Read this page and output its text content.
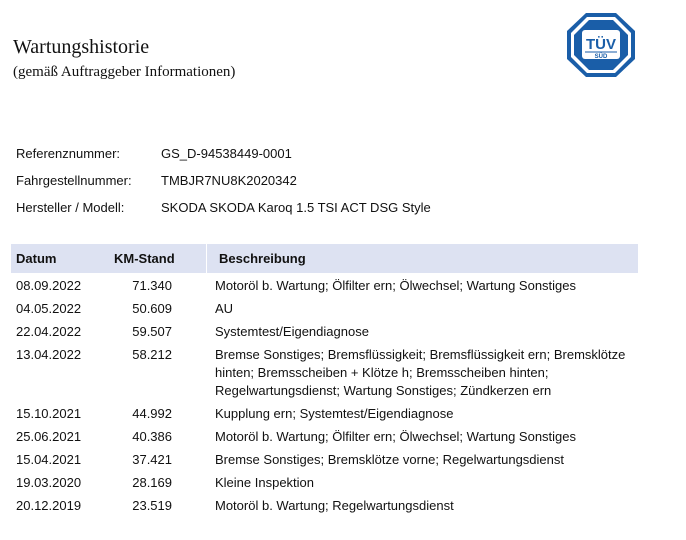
Wartungshistorie
(gemäß Auftraggeber Informationen)
TÜV
SÜD
Referenznummer:	GS_D-94538449-0001
Fahrgestellnummer:	TMBJR7NU8K2020342
Hersteller / Modell:	SKODA SKODA Karoq 1.5 TSI ACT DSG Style
Datum	KM-Stand	Beschreibung
08.09.2022	71.340	Motoröl b. Wartung; Ölfilter ern; Ölwechsel; Wartung Sonstiges
04.05.2022	50.609	AU
22.04.2022	59.507	Systemtest/Eigendiagnose
13.04.2022	58.212	Bremse Sonstiges; Bremsflüssigkeit; Bremsflüssigkeit ern; Bremsklötze hinten; Bremsscheiben + Klötze h; Bremsscheiben hinten; Regelwartungsdienst; Wartung Sonstiges; Zündkerzen ern
15.10.2021	44.992	Kupplung ern; Systemtest/Eigendiagnose
25.06.2021	40.386	Motoröl b. Wartung; Ölfilter ern; Ölwechsel; Wartung Sonstiges
15.04.2021	37.421	Bremse Sonstiges; Bremsklötze vorne; Regelwartungsdienst
19.03.2020	28.169	Kleine Inspektion
20.12.2019	23.519	Motoröl b. Wartung; Regelwartungsdienst
